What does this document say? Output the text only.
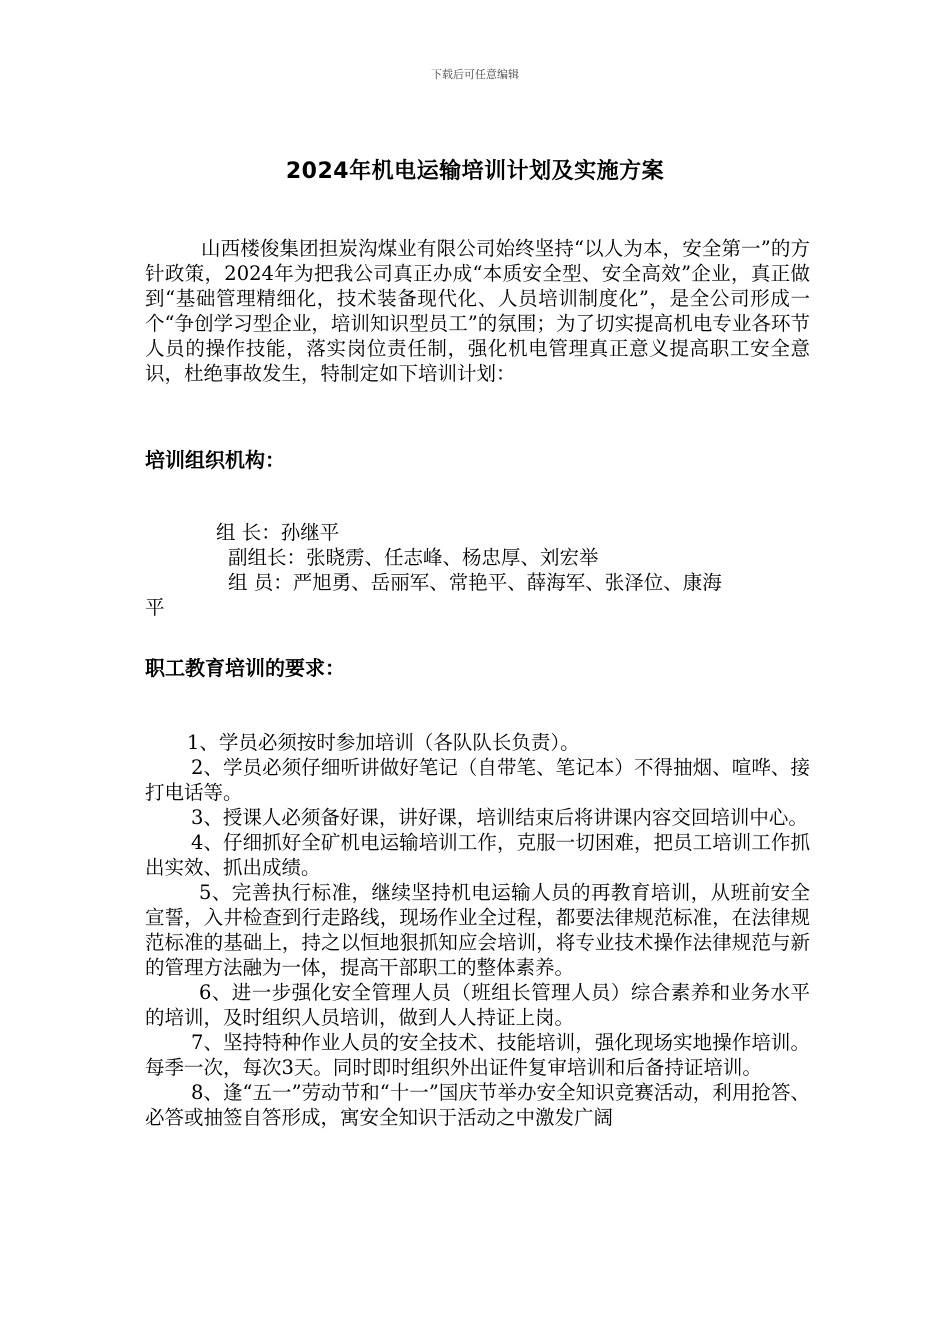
下载后可任意编辑
2024年机电运输培训计划及实施方案
山西楼俊集团担炭沟煤业有限公司始终坚持“以人为本，安全第一”的方针政策，2024年为把我公司真正办成“本质安全型、安全高效”企业，真正做到“基础管理精细化，技术装备现代化、人员培训制度化”，是全公司形成一个“争创学习型企业，培训知识型员工”的氛围；为了切实提高机电专业各环节人员的操作技能，落实岗位责任制，强化机电管理真正意义提高职工安全意识，杜绝事故发生，特制定如下培训计划：
培训组织机构：
组 长：孙继平
副组长：张晓雳、任志峰、杨忠厚、刘宏举
组 员：严旭勇、岳丽军、常艳平、薛海军、张泽位、康海
平
职工教育培训的要求：

1、学员必须按时参加培训（各队队长负责）。

2、学员必须仔细听讲做好笔记（自带笔、笔记本）不得抽烟、喧哗、接打电话等。

3、授课人必须备好课，讲好课，培训结束后将讲课内容交回培训中心。

4、仔细抓好全矿机电运输培训工作，克服一切困难，把员工培训工作抓出实效、抓出成绩。

5、完善执行标准，继续坚持机电运输人员的再教育培训，从班前安全宣誓，入井检查到行走路线，现场作业全过程，都要法律规范标准，在法律规范标准的基础上，持之以恒地狠抓知应会培训，将专业技术操作法律规范与新的管理方法融为一体，提高干部职工的整体素养。

6、进一步强化安全管理人员（班组长管理人员）综合素养和业务水平的培训，及时组织人员培训，做到人人持证上岗。

7、坚持特种作业人员的安全技术、技能培训，强化现场实地操作培训。每季一次，每次3天。同时即时组织外出证件复审培训和后备持证培训。

8、逢“五一”劳动节和“十一”国庆节举办安全知识竞赛活动，利用抢答、必答或抽签自答形成，寓安全知识于活动之中激发广阔
